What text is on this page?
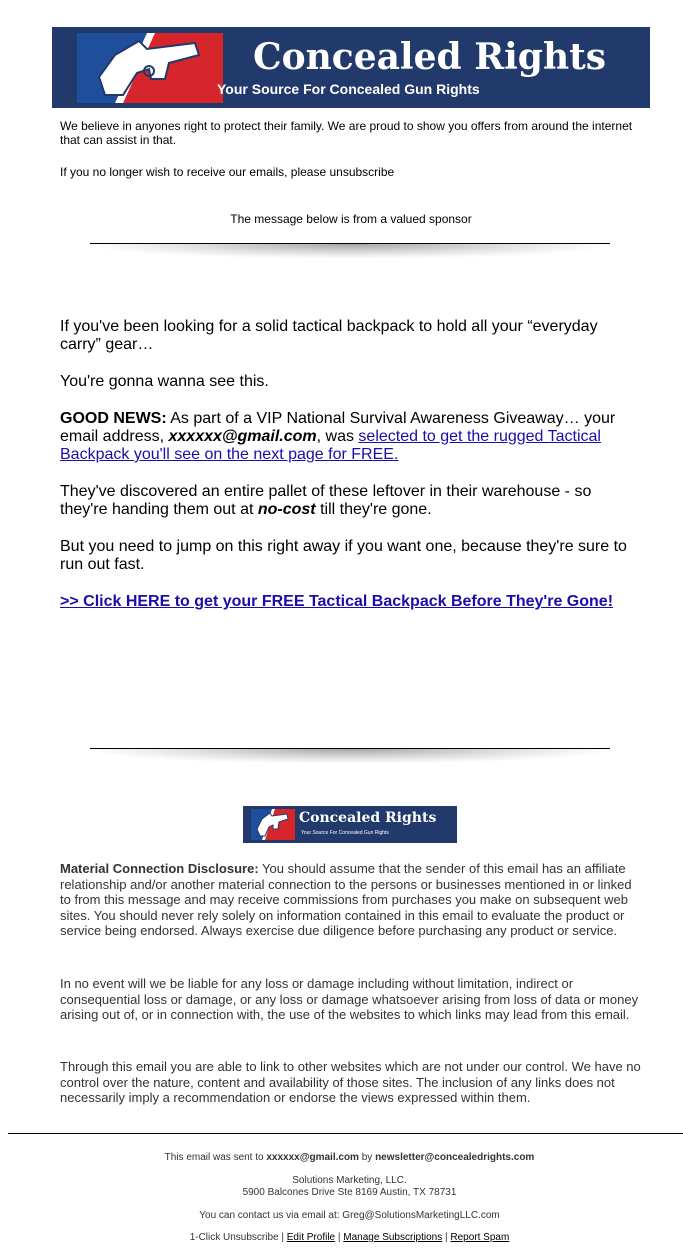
Concealed Rights
Your Source For Concealed Gun Rights
We believe in anyones right to protect their family. We are proud to show you offers from around the internet that can assist in that.
If you no longer wish to receive our emails, please unsubscribe
The message below is from a valued sponsor
If you've been looking for a solid tactical backpack to hold all your “everyday carry” gear…
You're gonna wanna see this.
GOOD NEWS: As part of a VIP National Survival Awareness Giveaway… your email address, xxxxxx@gmail.com, was selected to get the rugged Tactical Backpack you'll see on the next page for FREE.
They've discovered an entire pallet of these leftover in their warehouse - so they're handing them out at no-cost till they're gone.
But you need to jump on this right away if you want one, because they're sure to run out fast.
>> Click HERE to get your FREE Tactical Backpack Before They're Gone!
Concealed Rights
Your Source For Concealed Gun Rights
Material Connection Disclosure: You should assume that the sender of this email has an affiliate relationship and/or another material connection to the persons or businesses mentioned in or linked to from this message and may receive commissions from purchases you make on subsequent web sites. You should never rely solely on information contained in this email to evaluate the product or service being endorsed. Always exercise due diligence before purchasing any product or service.
In no event will we be liable for any loss or damage including without limitation, indirect or consequential loss or damage, or any loss or damage whatsoever arising from loss of data or money arising out of, or in connection with, the use of the websites to which links may lead from this email.
Through this email you are able to link to other websites which are not under our control. We have no control over the nature, content and availability of those sites. The inclusion of any links does not necessarily imply a recommendation or endorse the views expressed within them.
This email was sent to xxxxxx@gmail.com by newsletter@concealedrights.com
Solutions Marketing, LLC.
5900 Balcones Drive Ste 8169 Austin, TX 78731
You can contact us via email at: Greg@SolutionsMarketingLLC.com
1-Click Unsubscribe | Edit Profile | Manage Subscriptions | Report Spam
